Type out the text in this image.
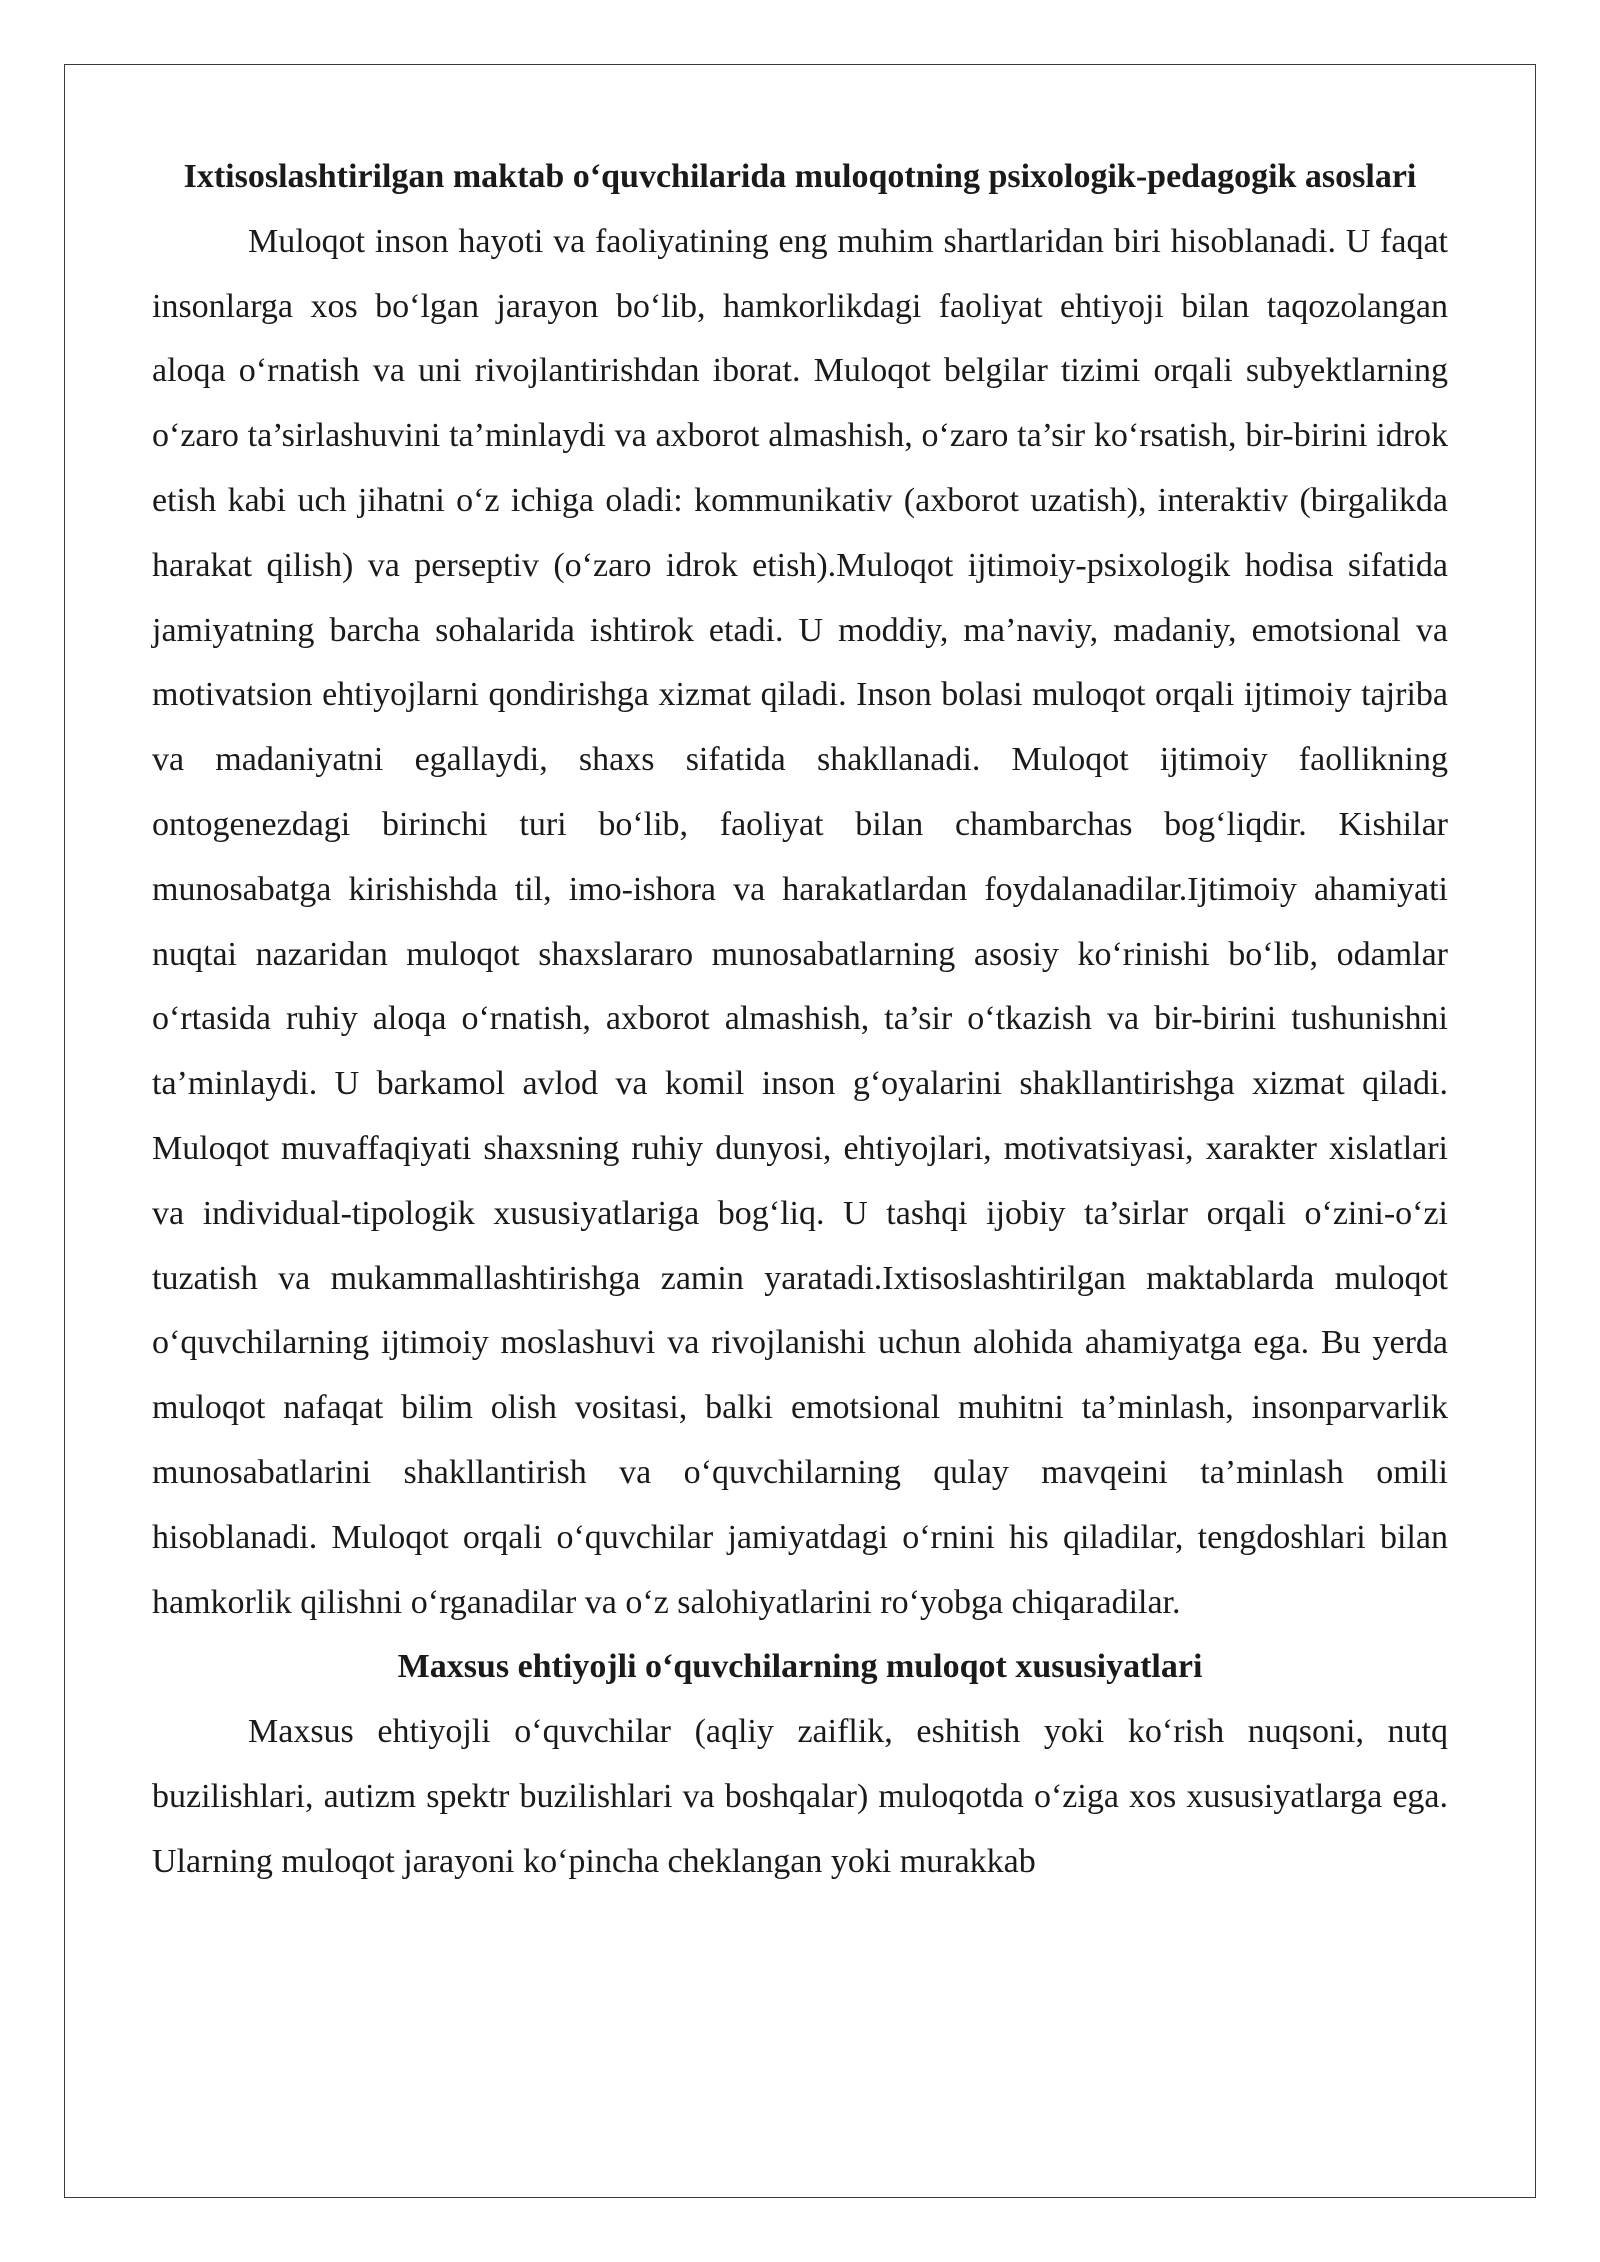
Ixtisoslashtirilgan maktab o‘quvchilarida muloqotning psixologik-pedagogik asoslari

Muloqot inson hayoti va faoliyatining eng muhim shartlaridan biri hisoblanadi. U faqat insonlarga xos bo‘lgan jarayon bo‘lib, hamkorlikdagi faoliyat ehtiyoji bilan taqozolangan aloqa o‘rnatish va uni rivojlantirishdan iborat. Muloqot belgilar tizimi orqali subyektlarning o‘zaro ta’sirlashuvini ta’minlaydi va axborot almashish, o‘zaro ta’sir ko‘rsatish, bir-birini idrok etish kabi uch jihatni o‘z ichiga oladi: kommunikativ (axborot uzatish), interaktiv (birgalikda harakat qilish) va perseptiv (o‘zaro idrok etish).Muloqot ijtimoiy-psixologik hodisa sifatida jamiyatning barcha sohalarida ishtirok etadi. U moddiy, ma’naviy, madaniy, emotsional va motivatsion ehtiyojlarni qondirishga xizmat qiladi. Inson bolasi muloqot orqali ijtimoiy tajriba va madaniyatni egallaydi, shaxs sifatida shakllanadi. Muloqot ijtimoiy faollikning ontogenezdagi birinchi turi bo‘lib, faoliyat bilan chambarchas bog‘liqdir. Kishilar munosabatga kirishishda til, imo-ishora va harakatlardan foydalanadilar.Ijtimoiy ahamiyati nuqtai nazaridan muloqot shaxslararo munosabatlarning asosiy ko‘rinishi bo‘lib, odamlar o‘rtasida ruhiy aloqa o‘rnatish, axborot almashish, ta’sir o‘tkazish va bir-birini tushunishni ta’minlaydi. U barkamol avlod va komil inson g‘oyalarini shakllantirishga xizmat qiladi. Muloqot muvaffaqiyati shaxsning ruhiy dunyosi, ehtiyojlari, motivatsiyasi, xarakter xislatlari va individual-tipologik xususiyatlariga bog‘liq. U tashqi ijobiy ta’sirlar orqali o‘zini-o‘zi tuzatish va mukammallashtirishga zamin yaratadi.Ixtisoslashtirilgan maktablarda muloqot o‘quvchilarning ijtimoiy moslashuvi va rivojlanishi uchun alohida ahamiyatga ega. Bu yerda muloqot nafaqat bilim olish vositasi, balki emotsional muhitni ta’minlash, insonparvarlik munosabatlarini shakllantirish va o‘quvchilarning qulay mavqeini ta’minlash omili hisoblanadi. Muloqot orqali o‘quvchilar jamiyatdagi o‘rnini his qiladilar, tengdoshlari bilan hamkorlik qilishni o‘rganadilar va o‘z salohiyatlarini ro‘yobga chiqaradilar.

Maxsus ehtiyojli o‘quvchilarning muloqot xususiyatlari

Maxsus ehtiyojli o‘quvchilar (aqliy zaiflik, eshitish yoki ko‘rish nuqsoni, nutq buzilishlari, autizm spektr buzilishlari va boshqalar) muloqotda o‘ziga xos xususiyatlarga ega. Ularning muloqot jarayoni ko‘pincha cheklangan yoki murakkab
